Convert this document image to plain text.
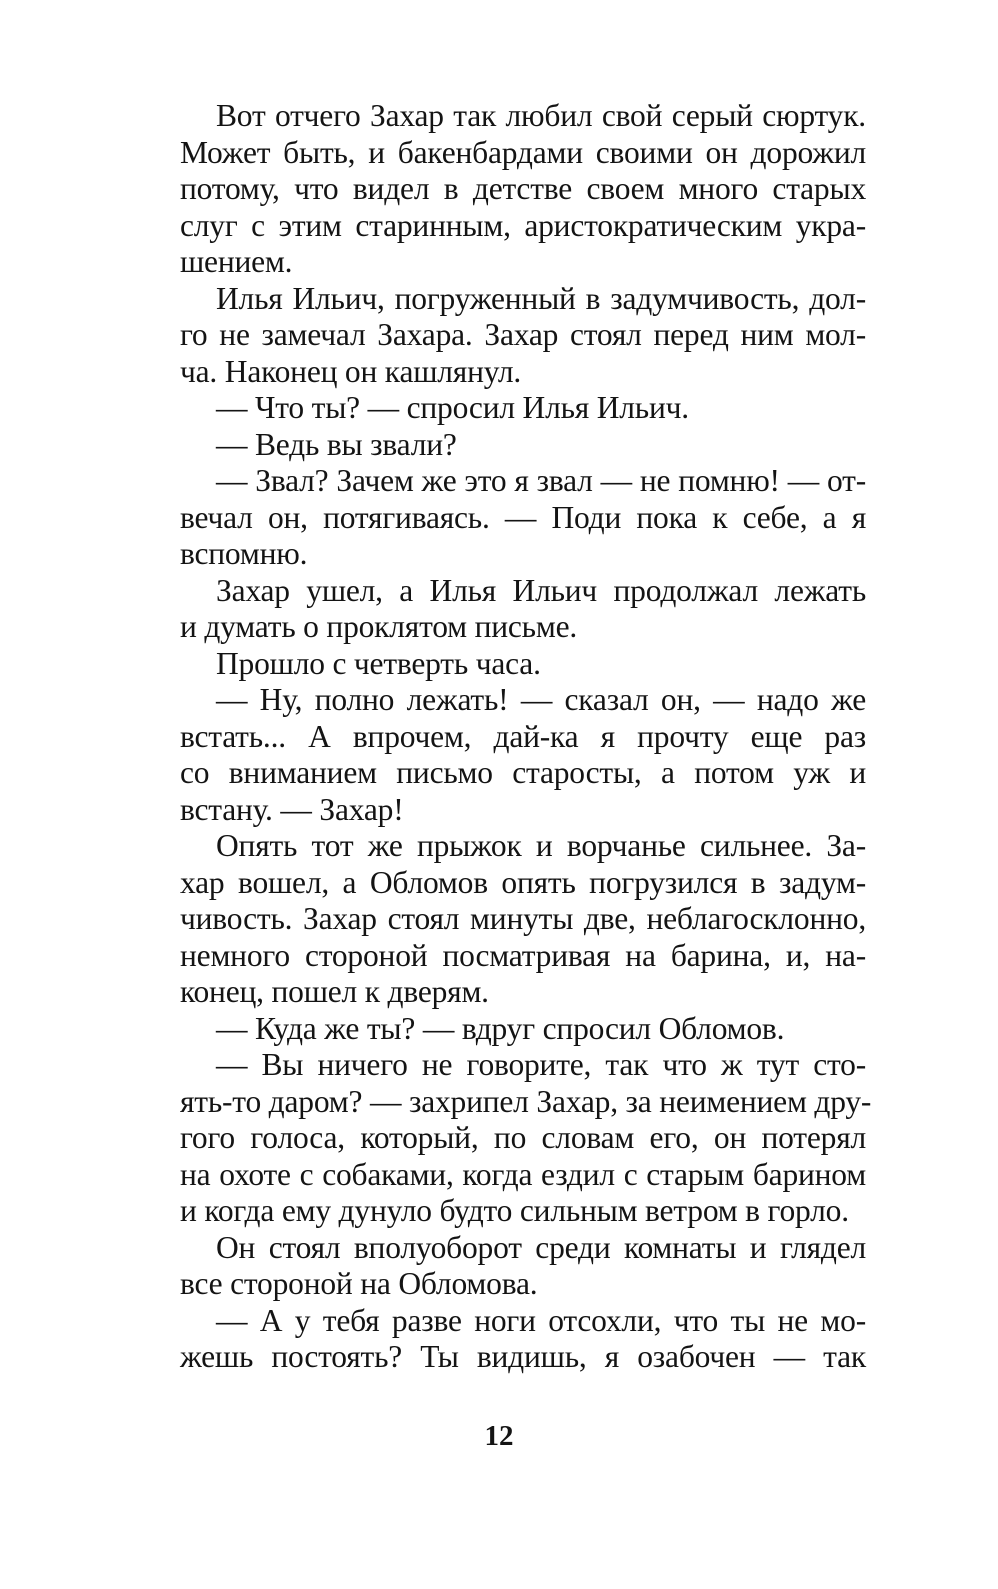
Вот отчего Захар так любил свой серый сюртук.
Может быть, и бакенбардами своими он дорожил
потому, что видел в детстве своем много старых
слуг с этим старинным, аристократическим укра-
шением.
Илья Ильич, погруженный в задумчивость, дол-
го не замечал Захара. Захар стоял перед ним мол-
ча. Наконец он кашлянул.
— Что ты? — спросил Илья Ильич.
— Ведь вы звали?
— Звал? Зачем же это я звал — не помню! — от-
вечал он, потягиваясь. — Поди пока к себе, а я
вспомню.
Захар ушел, а Илья Ильич продолжал лежать
и думать о проклятом письме.
Прошло с четверть часа.
— Ну, полно лежать! — сказал он, — надо же
встать... А впрочем, дай-ка я прочту еще раз
со вниманием письмо старосты, а потом уж и
встану. — Захар!
Опять тот же прыжок и ворчанье сильнее. За-
хар вошел, а Обломов опять погрузился в задум-
чивость. Захар стоял минуты две, неблагосклонно,
немного стороной посматривая на барина, и, на-
конец, пошел к дверям.
— Куда же ты? — вдруг спросил Обломов.
— Вы ничего не говорите, так что ж тут сто-
ять-то даром? — захрипел Захар, за неимением дру-
гого голоса, который, по словам его, он потерял
на охоте с собаками, когда ездил с старым барином
и когда ему дунуло будто сильным ветром в горло.
Он стоял вполуоборот среди комнаты и глядел
все стороной на Обломова.
— А у тебя разве ноги отсохли, что ты не мо-
жешь постоять? Ты видишь, я озабочен — так
12
